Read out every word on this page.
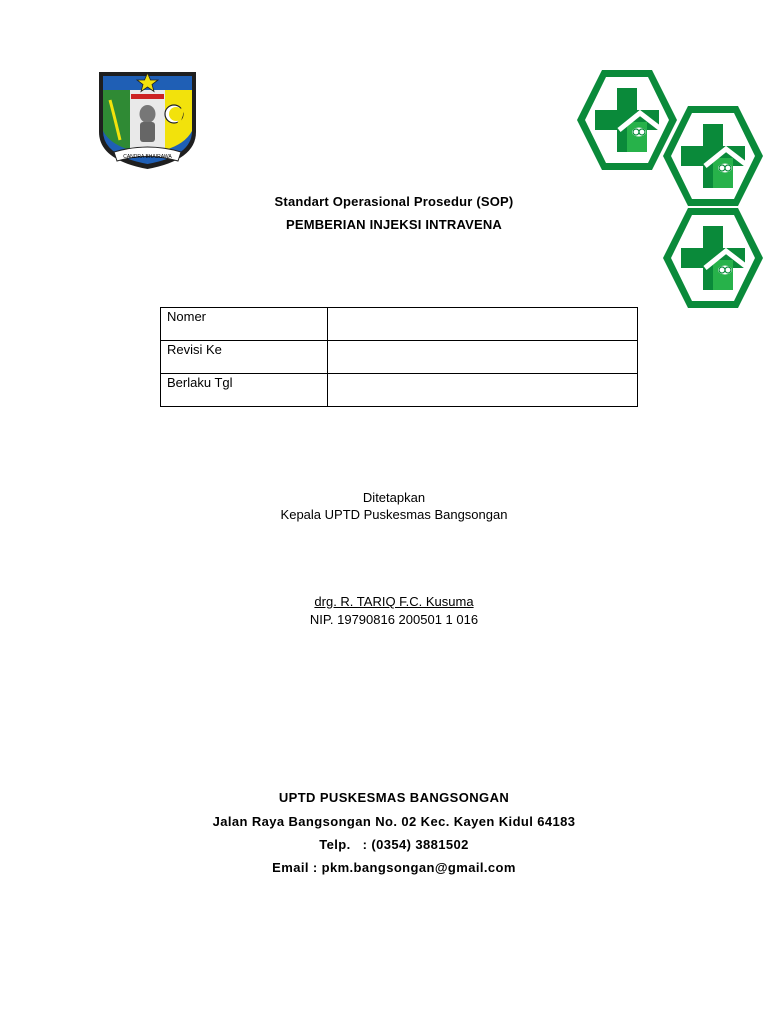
CANDRA BHAIRAWA
Standart Operasional Prosedur (SOP)
PEMBERIAN INJEKSI INTRAVENA
Nomer	
Revisi Ke	
Berlaku Tgl	
Ditetapkan
Kepala UPTD Puskesmas Bangsongan
drg. R. TARIQ F.C. Kusuma
NIP. 19790816 200501 1 016
UPTD PUSKESMAS BANGSONGAN
Jalan Raya Bangsongan No. 02 Kec. Kayen Kidul 64183
Telp.   : (0354) 3881502
Email : pkm.bangsongan@gmail.com
